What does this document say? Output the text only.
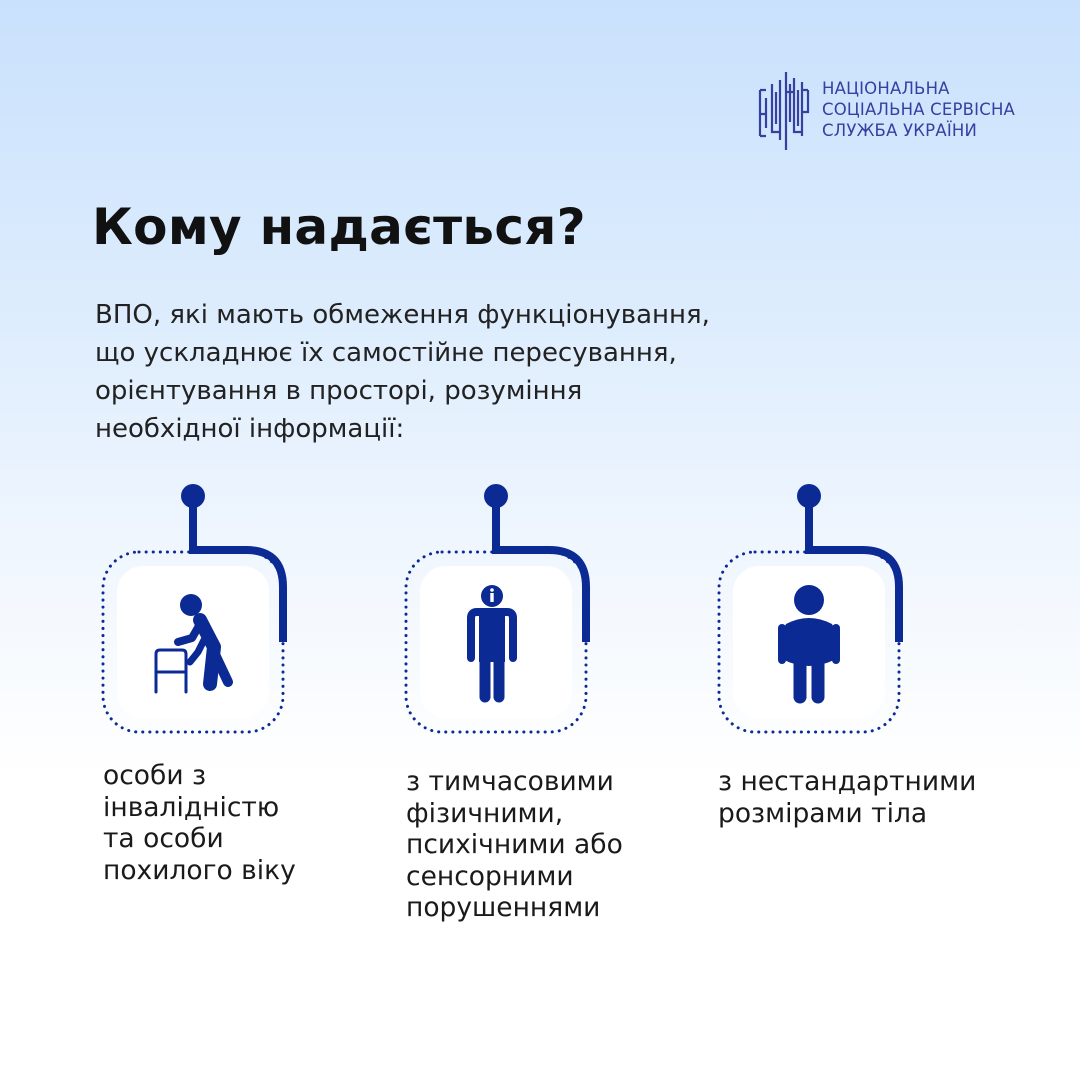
НАЦІОНАЛЬНА
СОЦІАЛЬНА СЕРВІСНА
СЛУЖБА УКРАЇНИ
Кому надається?

ВПО, які мають обмеження функціонування,
що ускладнює їх самостійне пересування,
орієнтування в просторі, розуміння
необхідної інформації:

особи з
інвалідністю
та особи
похилого віку

з тимчасовими
фізичними,
психічними або
сенсорними
порушеннями

з нестандартними
розмірами тіла
